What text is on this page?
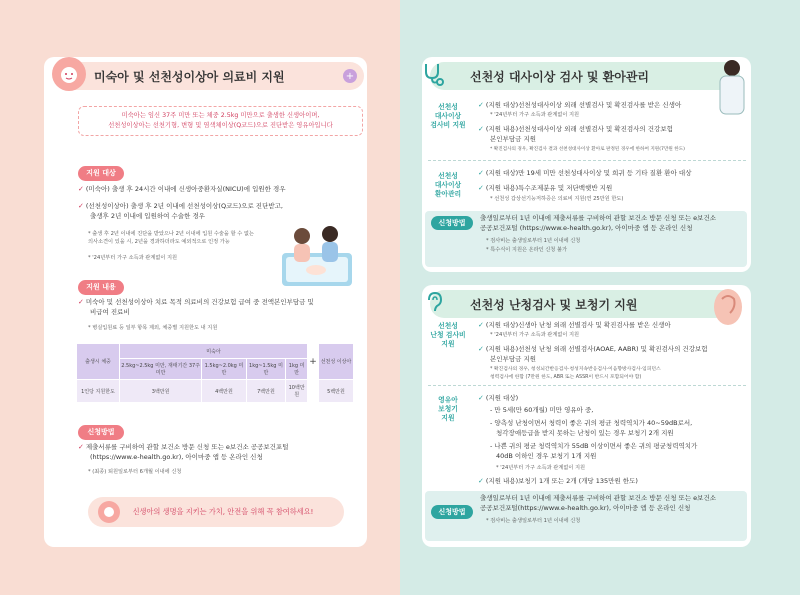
미숙아 및 선천성이상아 의료비 지원	+
미숙아는 임신 37주 미만 또는 체중 2.5kg 미만으로 출생한 신생아이며,
선천성이상아는 선천기형, 변형 및 염색체이상(Q코드)으로 진단받은 영유아입니다
지원 대상
✓ (미숙아) 출생 후 24시간 이내에 신생아중환자실(NICU)에 입원한 경우
✓ (선천성이상아) 출생 후 2년 이내에 선천성이상(Q코드)으로 진단받고,
출생후 2년 이내에 입원하여 수술한 경우
* 출생 후 2년 이내에 진단을 받았으나 2년 이내에 입원 수술을 할 수 없는
의사소견이 있을 시, 2년을 경과하더라도 예외적으로 인정 가능
* '24년부터 가구 소득과 관계없이 지원
지원 내용
✓ 미숙아 및 선천성이상아 치료 목적 의료비의 건강보험 급여 중 전액본인부담금 및
비급여 진료비
* 병실입원료 등 일부 항목 제외, 체중별 지원한도 내 지원
출생시 체중	미숙아				+	선천성 이상아
	2.5kg~2.5kg 미만, 재태기간 37주 미만	1.5kg~2.0kg 미만	1kg~1.5kg 미만	1kg 미만		
1인당 지원한도	3백만원	4백만원	7백만원	10백만원		5백만원
신청방법
✓ 제출서류를 구비하여 관할 보건소 방문 신청 또는 e보건소 공공보건포털
(https://www.e-health.go.kr), 아이마중 앱 등 온라인 신청
* (최종) 퇴원일로부터 6개월 이내에 신청
신생아의 생명을 지키는 가치, 안전을 위해 꼭 참여하세요!
선천성 대사이상 검사 및 환아관리
선천성
대사이상
검사비 지원
✓ (지원 대상)선천성대사이상 외래 선별검사 및 확진검사를 받은 신생아
* '24년부터 가구 소득과 관계없이 지원
✓ (지원 내용)선천성대사이상 외래 선별검사 및 확진검사의 건강보험
본인부담금 지원
* 확진검사의 경우, 확진검사 결과 선천성대사이상 환아로 판정된 경우에 한하여 지원(7만원 한도)
선천성
대사이상
환아관리
✓ (지원 대상)만 19세 미만 선천성대사이상 및 희귀 등 기타 질환 환아 대상
✓ (지원 내용)특수조제분유 및 저단백햇반 지원
* 선천성 갑상선기능저하증은 의료비 지원(연 25만원 한도)
신청방법
출생일로부터 1년 이내에 제출서류를 구비하여 관할 보건소 방문 신청 또는 e보건소
공공보건포털 (https://www.e-health.go.kr), 아이마중 앱 등 온라인 신청
* 검사비는 출생일로부터 1년 이내에 신청
* 특수식이 지원은 온라인 신청 불가
선천성 난청검사 및 보청기 지원
선천성
난청 검사비
지원
✓ (지원 대상)신생아 난청 외래 선별검사 및 확진검사를 받은 신생아
* '24년부터 가구 소득과 관계없이 지원
✓ (지원 내용)선천성 난청 외래 선별검사(AOAE, AABR) 및 확진검사의 건강보험
본인부담금 지원
* 확진검사의 경우, 청성뇌간반응검사·청성지속반응검사·이음향방사검사·임피던스
청력검사에 한함 (7만원 한도, ABR 또는 ASSR이 반드시 포함되어야 함)
영유아
보청기
지원
✓ (지원 대상)
- 만 5세(만 60개월) 미만 영유아 중,
- 양측성 난청이면서 청력이 좋은 귀의 평균 청력역치가 40~59dB로서,
청각장애등급을 받지 못하는 난청이 있는 경우 보청기 2개 지원
- 나쁜 귀의 평균 청력역치가 55dB 이상이면서 좋은 귀의 평균청력역치가
40dB 이하인 경우 보청기 1개 지원
* '24년부터 가구 소득과 관계없이 지원
✓ (지원 내용)보청기 1개 또는 2개 (개당 135만원 한도)
신청방법
출생일로부터 1년 이내에 제출서류를 구비하여 관할 보건소 방문 신청 또는 e보건소
공공보건포털(https://www.e-health.go.kr), 아이마중 앱 등 온라인 신청
* 검사비는 출생일로부터 1년 이내에 신청
